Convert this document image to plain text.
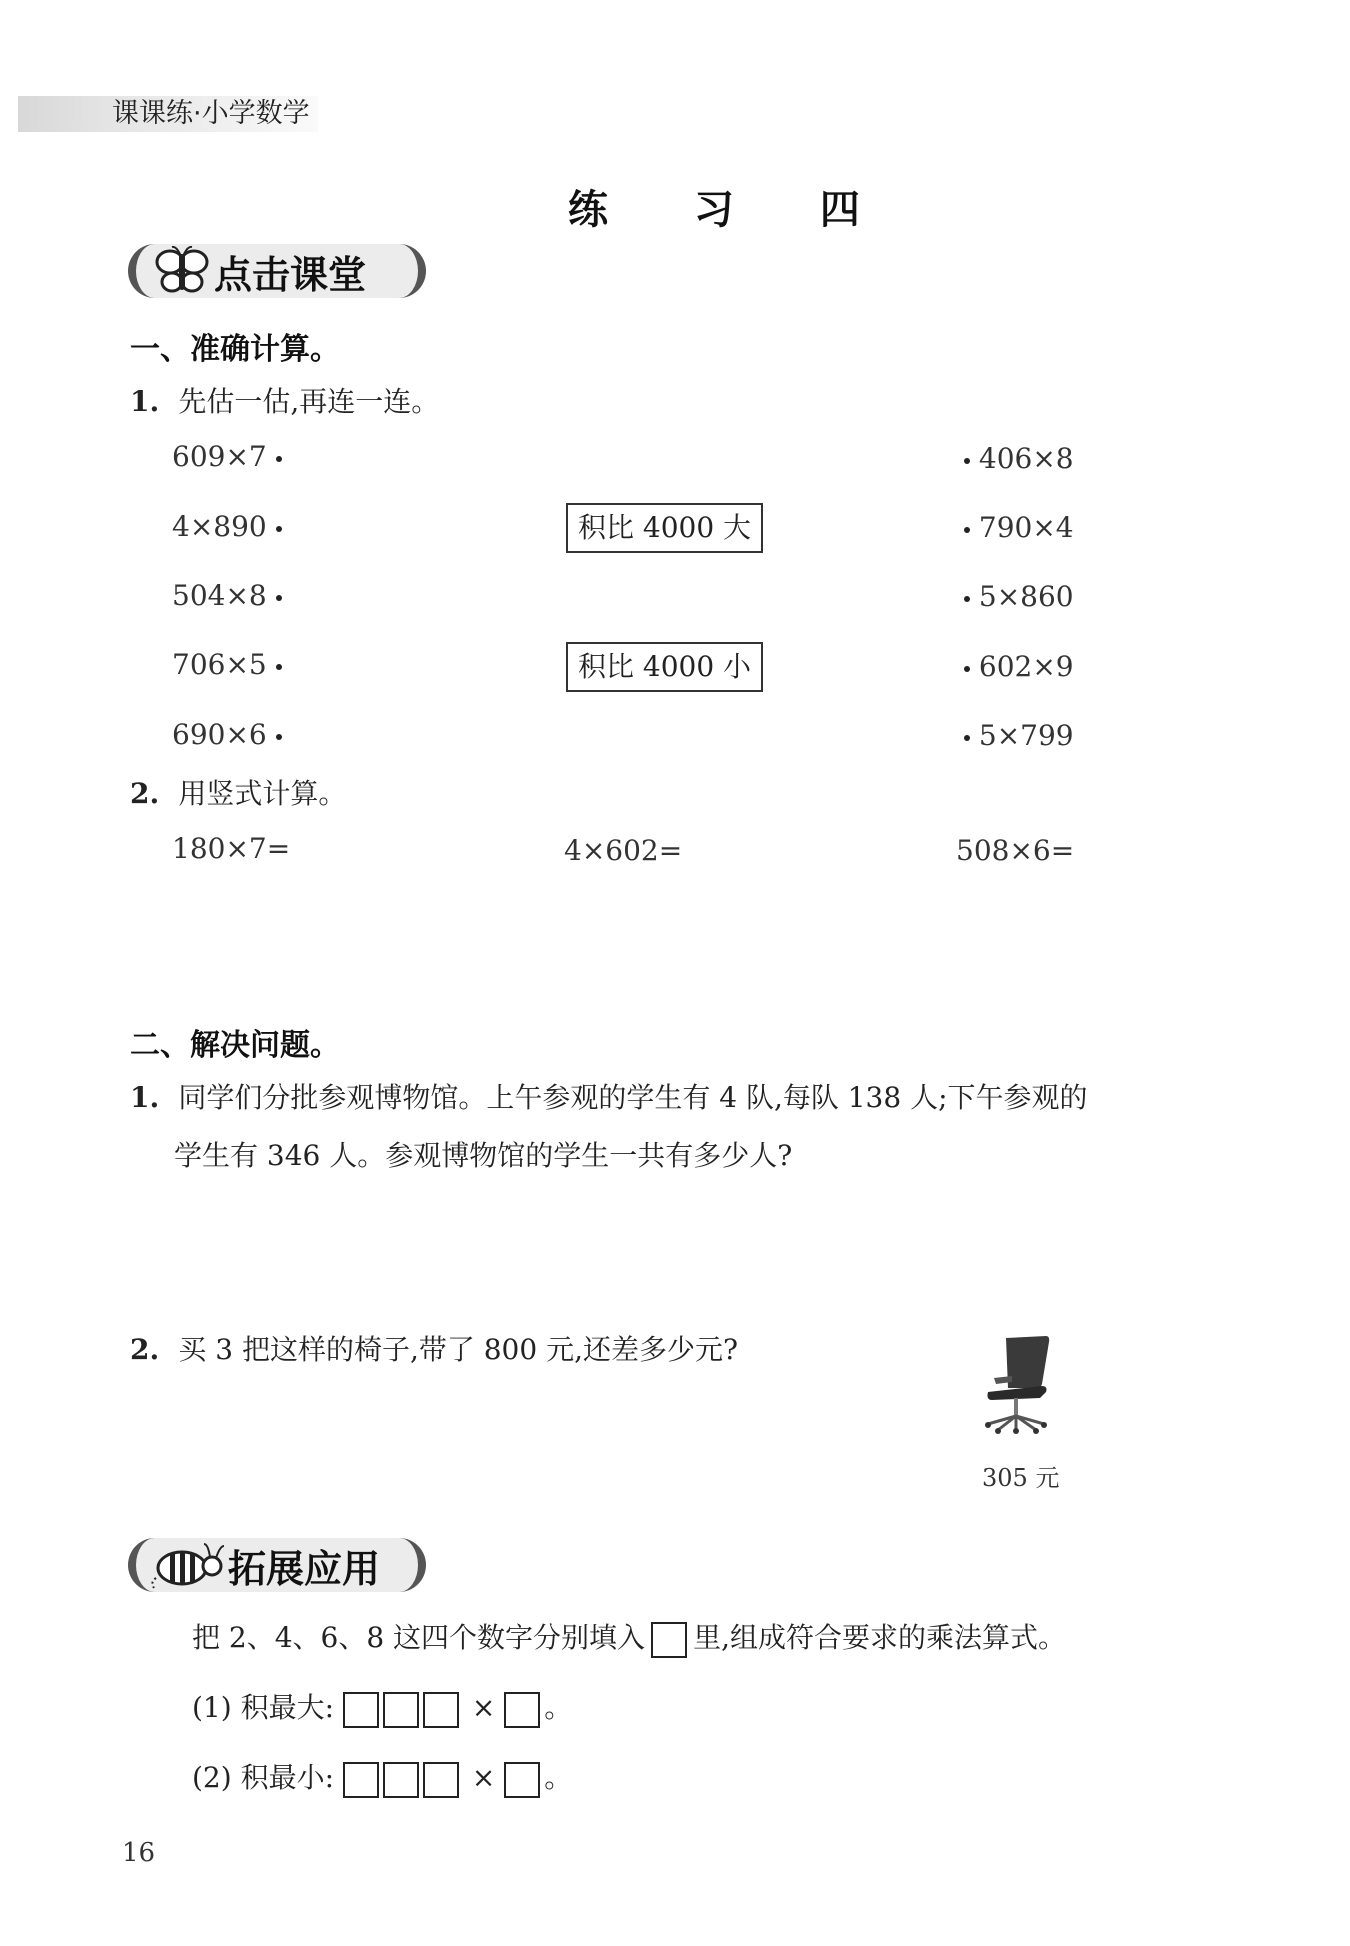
课课练·小学数学
练 习 四
点击课堂
一、准确计算。
1. 先估一估,再连一连。
609×7
4×890
504×8
706×5
690×6
积比 4000 大
积比 4000 小
406×8
790×4
5×860
602×9
5×799
2. 用竖式计算。
180×7=	4×602=	508×6=
二、解决问题。
1. 同学们分批参观博物馆。上午参观的学生有 4 队,每队 138 人;下午参观的
学生有 346 人。参观博物馆的学生一共有多少人?
2. 买 3 把这样的椅子,带了 800 元,还差多少元?
305 元
拓展应用
把 2、4、6、8 这四个数字分别填入 里,组成符合要求的乘法算式。
(1) 积最大:	× 。
(2) 积最小:	× 。
16
